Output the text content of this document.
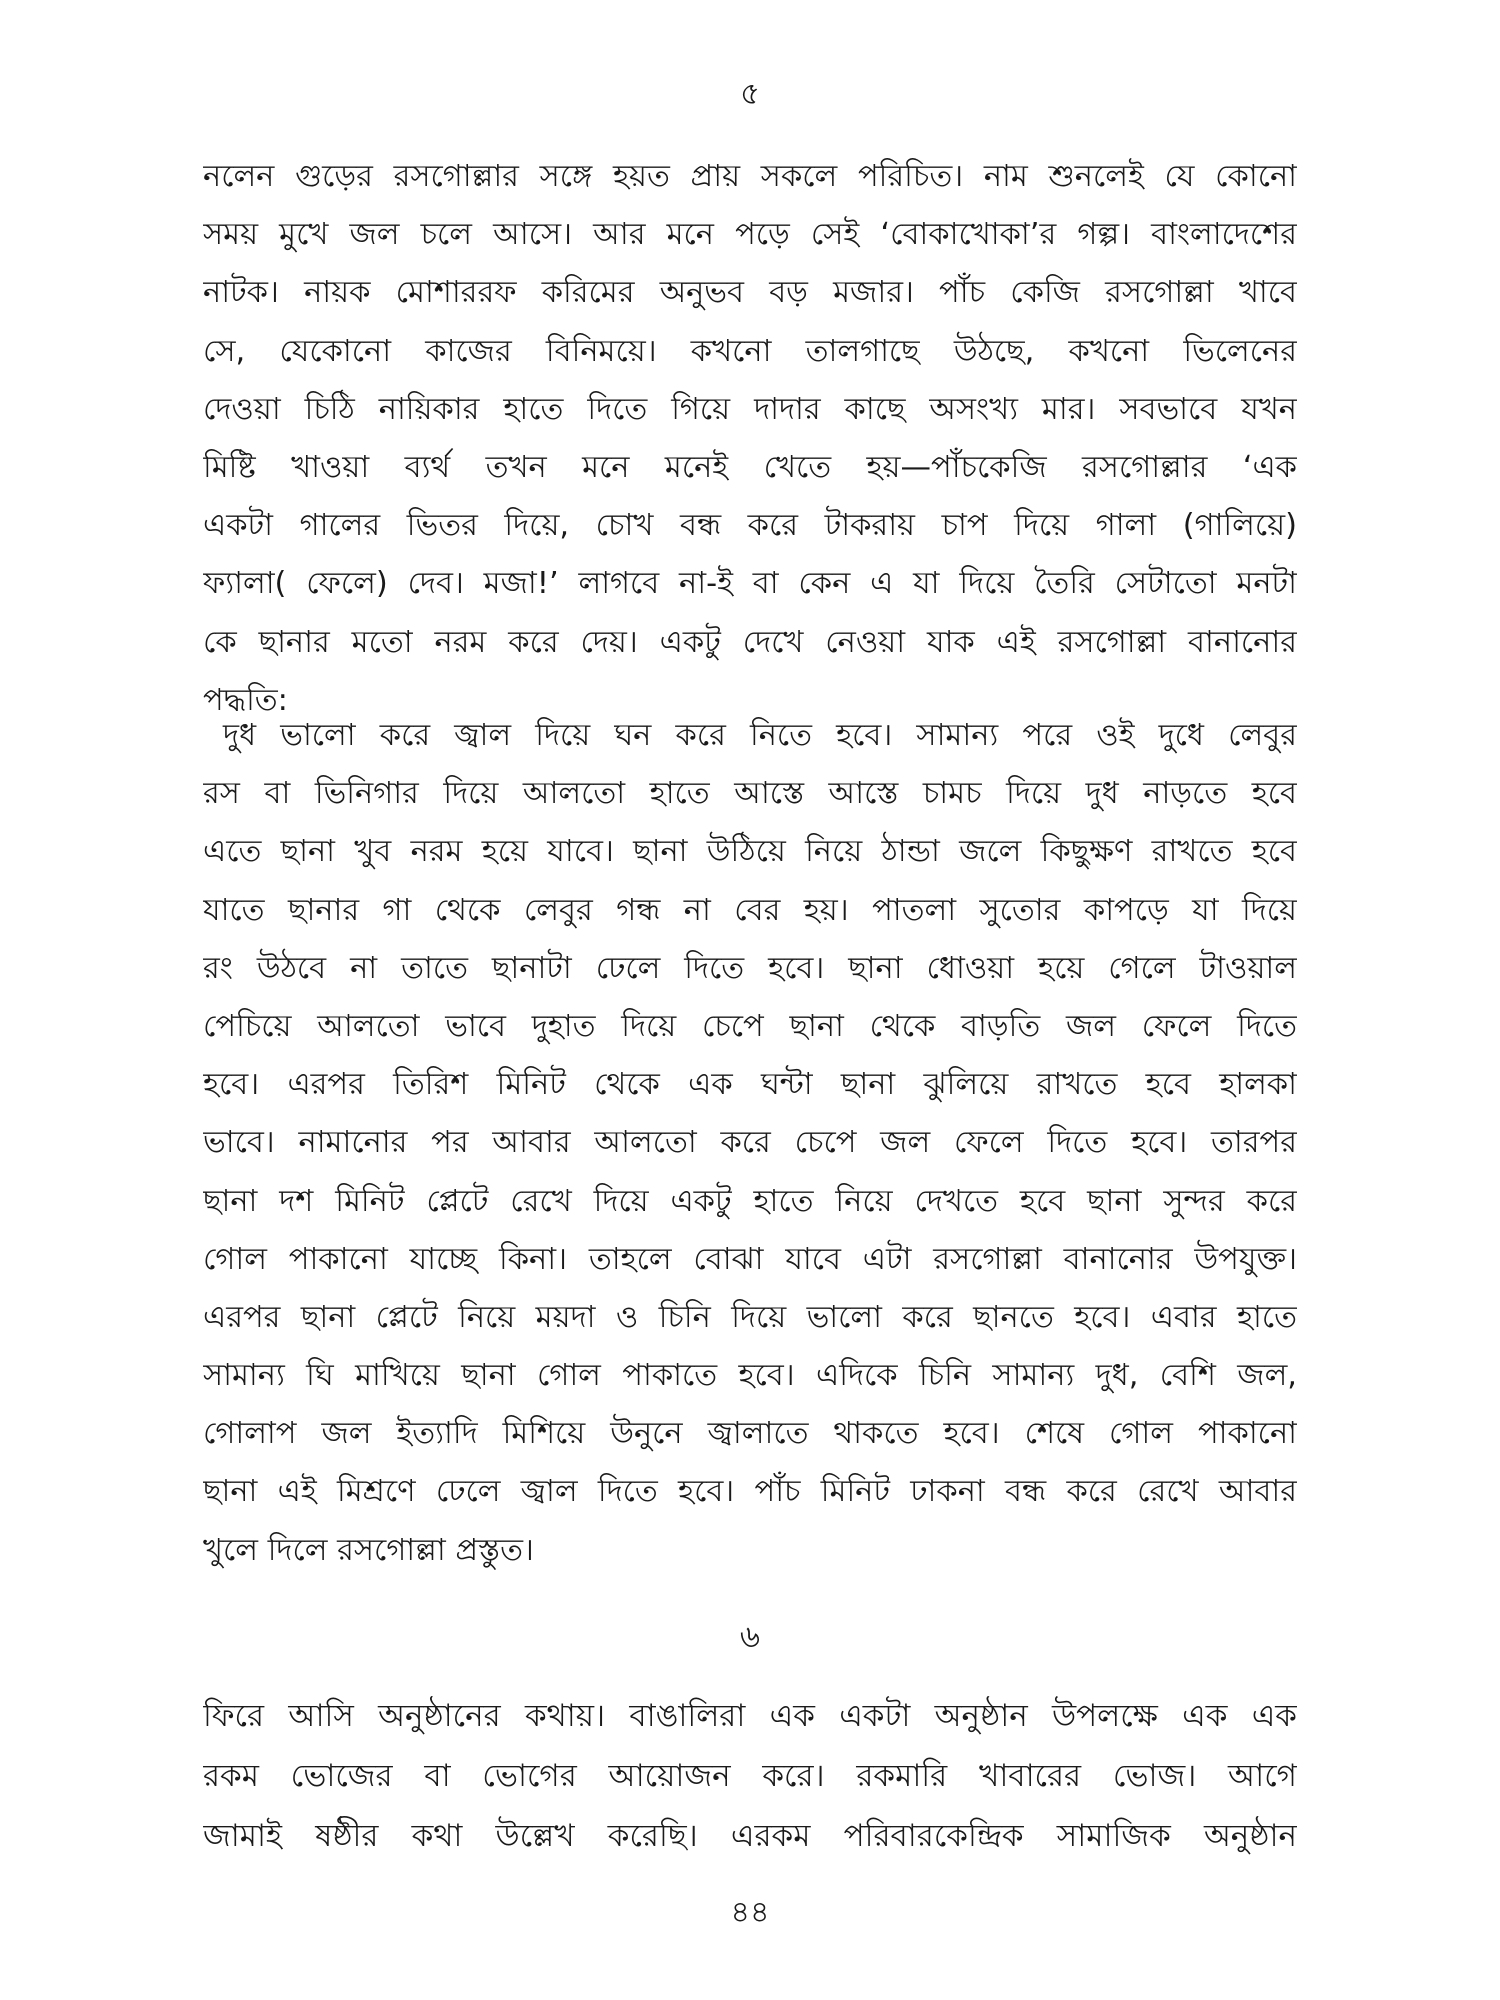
৫
নলেন গুড়ের রসগোল্লার সঙ্গে হয়ত প্রায় সকলে পরিচিত। নাম শুনলেই যে কোনো
সময় মুখে জল চলে আসে। আর মনে পড়ে সেই ‘বোকাখোকা’র গল্প। বাংলাদেশের
নাটক। নায়ক মোশাররফ করিমের অনুভব বড় মজার। পাঁচ কেজি রসগোল্লা খাবে
সে, যেকোনো কাজের বিনিময়ে। কখনো তালগাছে উঠছে, কখনো ভিলেনের
দেওয়া চিঠি নায়িকার হাতে দিতে গিয়ে দাদার কাছে অসংখ্য মার। সবভাবে যখন
মিষ্টি খাওয়া ব্যর্থ তখন মনে মনেই খেতে হয়—পাঁচকেজি রসগোল্লার ‘এক
একটা গালের ভিতর দিয়ে, চোখ বন্ধ করে টাকরায় চাপ দিয়ে গালা (গালিয়ে)
ফ্যালা( ফেলে) দেব। মজা!’ লাগবে না-ই বা কেন এ যা দিয়ে তৈরি সেটাতো মনটা
কে ছানার মতো নরম করে দেয়। একটু দেখে নেওয়া যাক এই রসগোল্লা বানানোর
পদ্ধতি:
দুধ ভালো করে জ্বাল দিয়ে ঘন করে নিতে হবে। সামান্য পরে ওই দুধে লেবুর
রস বা ভিনিগার দিয়ে আলতো হাতে আস্তে আস্তে চামচ দিয়ে দুধ নাড়তে হবে
এতে ছানা খুব নরম হয়ে যাবে। ছানা উঠিয়ে নিয়ে ঠান্ডা জলে কিছুক্ষণ রাখতে হবে
যাতে ছানার গা থেকে লেবুর গন্ধ না বের হয়। পাতলা সুতোর কাপড়ে যা দিয়ে
রং উঠবে না তাতে ছানাটা ঢেলে দিতে হবে। ছানা ধোওয়া হয়ে গেলে টাওয়াল
পেচিয়ে আলতো ভাবে দুহাত দিয়ে চেপে ছানা থেকে বাড়তি জল ফেলে দিতে
হবে। এরপর তিরিশ মিনিট থেকে এক ঘন্টা ছানা ঝুলিয়ে রাখতে হবে হালকা
ভাবে। নামানোর পর আবার আলতো করে চেপে জল ফেলে দিতে হবে। তারপর
ছানা দশ মিনিট প্লেটে রেখে দিয়ে একটু হাতে নিয়ে দেখতে হবে ছানা সুন্দর করে
গোল পাকানো যাচ্ছে কিনা। তাহলে বোঝা যাবে এটা রসগোল্লা বানানোর উপযুক্ত।
এরপর ছানা প্লেটে নিয়ে ময়দা ও চিনি দিয়ে ভালো করে ছানতে হবে। এবার হাতে
সামান্য ঘি মাখিয়ে ছানা গোল পাকাতে হবে। এদিকে চিনি সামান্য দুধ, বেশি জল,
গোলাপ জল ইত্যাদি মিশিয়ে উনুনে জ্বালাতে থাকতে হবে। শেষে গোল পাকানো
ছানা এই মিশ্রণে ঢেলে জ্বাল দিতে হবে। পাঁচ মিনিট ঢাকনা বন্ধ করে রেখে আবার
খুলে দিলে রসগোল্লা প্রস্তুত।
৬
ফিরে আসি অনুষ্ঠানের কথায়। বাঙালিরা এক একটা অনুষ্ঠান উপলক্ষে এক এক
রকম ভোজের বা ভোগের আয়োজন করে। রকমারি খাবারের ভোজ। আগে
জামাই ষষ্ঠীর কথা উল্লেখ করেছি। এরকম পরিবারকেন্দ্রিক সামাজিক অনুষ্ঠান
৪৪
